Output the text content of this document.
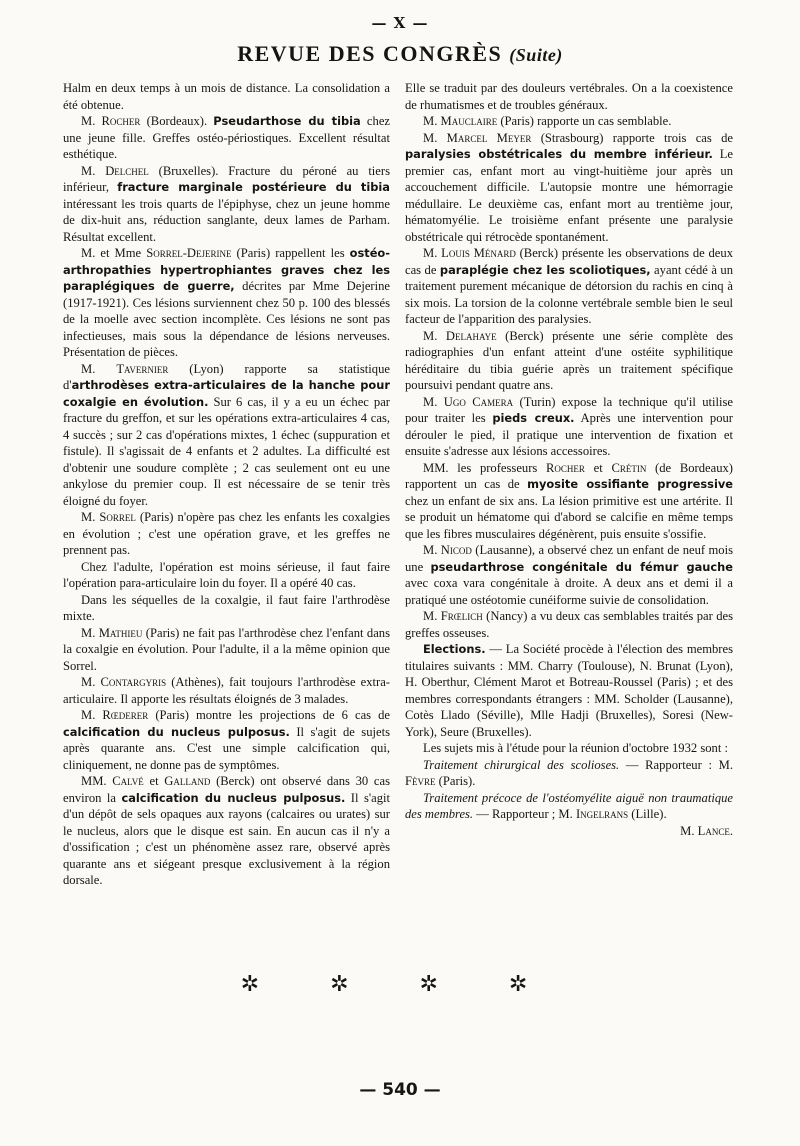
— X —
REVUE DES CONGRÈS (Suite)

Halm en deux temps à un mois de distance. La consolidation a été obtenue.

M. Rocher (Bordeaux). Pseudarthose du tibia chez une jeune fille. Greffes ostéo-périostiques. Excellent résultat esthétique.

M. Delchel (Bruxelles). Fracture du péroné au tiers inférieur, fracture marginale postérieure du tibia intéressant les trois quarts de l'épiphyse, chez un jeune homme de dix-huit ans, réduction sanglante, deux lames de Parham. Résultat excellent.

M. et Mme Sorrel-Dejerine (Paris) rappellent les ostéo-arthropathies hypertrophiantes graves chez les paraplégiques de guerre, décrites par Mme Dejerine (1917-1921). Ces lésions surviennent chez 50 p. 100 des blessés de la moelle avec section incomplète. Ces lésions ne sont pas infectieuses, mais sous la dépendance de lésions nerveuses. Présentation de pièces.

M. Tavernier (Lyon) rapporte sa statistique d'arthrodèses extra-articulaires de la hanche pour coxalgie en évolution. Sur 6 cas, il y a eu un échec par fracture du greffon, et sur les opérations extra-articulaires 4 cas, 4 succès ; sur 2 cas d'opérations mixtes, 1 échec (suppuration et fistule). Il s'agissait de 4 enfants et 2 adultes. La difficulté est d'obtenir une soudure complète ; 2 cas seulement ont eu une ankylose du premier coup. Il est nécessaire de se tenir très éloigné du foyer.

M. Sorrel (Paris) n'opère pas chez les enfants les coxalgies en évolution ; c'est une opération grave, et les greffes ne prennent pas.

Chez l'adulte, l'opération est moins sérieuse, il faut faire l'opération para-articulaire loin du foyer. Il a opéré 40 cas.

Dans les séquelles de la coxalgie, il faut faire l'arthrodèse mixte.

M. Mathieu (Paris) ne fait pas l'arthrodèse chez l'enfant dans la coxalgie en évolution. Pour l'adulte, il a la même opinion que Sorrel.

M. Contargyris (Athènes), fait toujours l'arthrodèse extra-articulaire. Il apporte les résultats éloignés de 3 malades.

M. Rœderer (Paris) montre les projections de 6 cas de calcification du nucleus pulposus. Il s'agit de sujets après quarante ans. C'est une simple calcification qui, cliniquement, ne donne pas de symptômes.

MM. Calvé et Galland (Berck) ont observé dans 30 cas environ la calcification du nucleus pulposus. Il s'agit d'un dépôt de sels opaques aux rayons (calcaires ou urates) sur le nucleus, alors que le disque est sain. En aucun cas il n'y a d'ossification ; c'est un phénomène assez rare, observé après quarante ans et siégeant presque exclusivement à la région dorsale.

Elle se traduit par des douleurs vertébrales. On a la coexistence de rhumatismes et de troubles généraux.

M. Mauclaire (Paris) rapporte un cas semblable.

M. Marcel Meyer (Strasbourg) rapporte trois cas de paralysies obstétricales du membre inférieur. Le premier cas, enfant mort au vingt-huitième jour après un accouchement difficile. L'autopsie montre une hémorragie médullaire. Le deuxième cas, enfant mort au trentième jour, hématomyélie. Le troisième enfant présente une paralysie obstétricale qui rétrocède spontanément.

M. Louis Ménard (Berck) présente les observations de deux cas de paraplégie chez les scoliotiques, ayant cédé à un traitement purement mécanique de détorsion du rachis en cinq à six mois. La torsion de la colonne vertébrale semble bien le seul facteur de l'apparition des paralysies.

M. Delahaye (Berck) présente une série complète des radiographies d'un enfant atteint d'une ostéite syphilitique héréditaire du tibia guérie après un traitement spécifique poursuivi pendant quatre ans.

M. Ugo Camera (Turin) expose la technique qu'il utilise pour traiter les pieds creux. Après une intervention pour dérouler le pied, il pratique une intervention de fixation et ensuite s'adresse aux lésions accessoires.

MM. les professeurs Rocher et Crétin (de Bordeaux) rapportent un cas de myosite ossifiante progressive chez un enfant de six ans. La lésion primitive est une artérite. Il se produit un hématome qui d'abord se calcifie en même temps que les fibres musculaires dégénèrent, puis ensuite s'ossifie.

M. Nicod (Lausanne), a observé chez un enfant de neuf mois une pseudarthrose congénitale du fémur gauche avec coxa vara congénitale à droite. A deux ans et demi il a pratiqué une ostéotomie cunéiforme suivie de consolidation.

M. Frœlich (Nancy) a vu deux cas semblables traités par des greffes osseuses.

Elections. — La Société procède à l'élection des membres titulaires suivants : MM. Charry (Toulouse), N. Brunat (Lyon), H. Oberthur, Clément Marot et Botreau-Roussel (Paris) ; et des membres correspondants étrangers : MM. Scholder (Lausanne), Cotès Llado (Séville), Mlle Hadji (Bruxelles), Soresi (New-York), Seure (Bruxelles).

Les sujets mis à l'étude pour la réunion d'octobre 1932 sont :

Traitement chirurgical des scolioses. — Rapporteur : M. Fèvre (Paris).

Traitement précoce de l'ostéomyélite aiguë non traumatique des membres. — Rapporteur ; M. Ingelrans (Lille).

M. Lance.

✲ ✲ ✲ ✲
— 540 —
